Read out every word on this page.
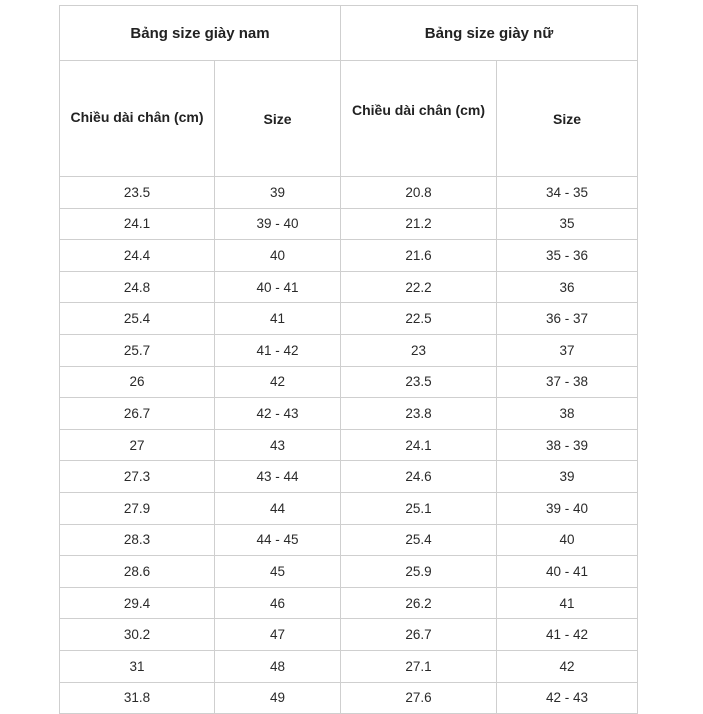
Bảng size giày nam		Bảng size giày nữ	
Chiều dài chân (cm)	Size	Chiều dài chân (cm)	Size
23.5	39	20.8	34 - 35
24.1	39 - 40	21.2	35
24.4	40	21.6	35 - 36
24.8	40 - 41	22.2	36
25.4	41	22.5	36 - 37
25.7	41 - 42	23	37
26	42	23.5	37 - 38
26.7	42 - 43	23.8	38
27	43	24.1	38 - 39
27.3	43 - 44	24.6	39
27.9	44	25.1	39 - 40
28.3	44 - 45	25.4	40
28.6	45	25.9	40 - 41
29.4	46	26.2	41
30.2	47	26.7	41 - 42
31	48	27.1	42
31.8	49	27.6	42 - 43
